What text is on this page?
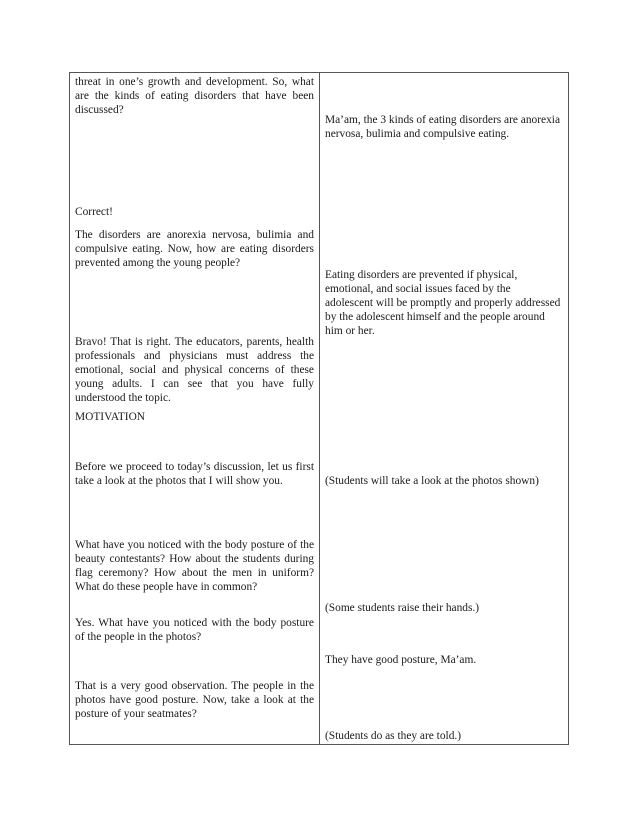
threat in one’s growth and development. So, what are the kinds of eating disorders that have been discussed?

Correct!

The disorders are anorexia nervosa, bulimia and compulsive eating. Now, how are eating disorders prevented among the young people?

Bravo! That is right. The educators, parents, health professionals and physicians must address the emotional, social and physical concerns of these young adults. I can see that you have fully understood the topic.

MOTIVATION

Before we proceed to today’s discussion, let us first take a look at the photos that I will show you.

What have you noticed with the body posture of the beauty contestants? How about the students during flag ceremony? How about the men in uniform? What do these people have in common?

Yes. What have you noticed with the body posture of the people in the photos?

That is a very good observation. The people in the photos have good posture. Now, take a look at the posture of your seatmates?

Ma’am, the 3 kinds of eating disorders are anorexia nervosa, bulimia and compulsive eating.

Eating disorders are prevented if physical, emotional, and social issues faced by the adolescent will be promptly and properly addressed by the adolescent himself and the people around him or her.

(Students will take a look at the photos shown)

(Some students raise their hands.)

They have good posture, Ma’am.

(Students do as they are told.)
